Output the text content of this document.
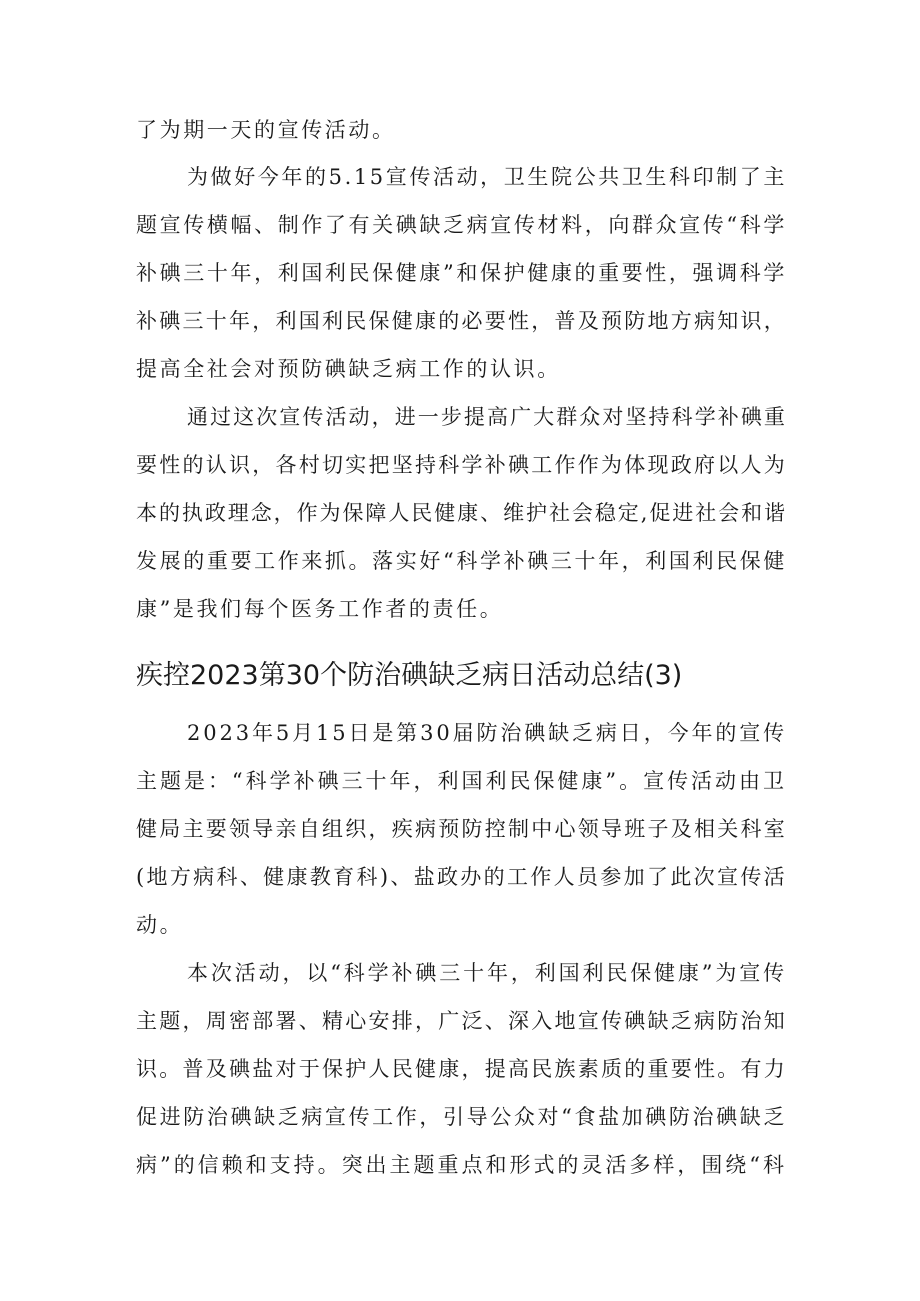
了为期一天的宣传活动。
为做好今年的5.15宣传活动，卫生院公共卫生科印制了主
题宣传横幅、制作了有关碘缺乏病宣传材料，向群众宣传“科学
补碘三十年，利国利民保健康”和保护健康的重要性，强调科学
补碘三十年，利国利民保健康的必要性，普及预防地方病知识，
提高全社会对预防碘缺乏病工作的认识。
通过这次宣传活动，进一步提高广大群众对坚持科学补碘重
要性的认识，各村切实把坚持科学补碘工作作为体现政府以人为
本的执政理念，作为保障人民健康、维护社会稳定,促进社会和谐
发展的重要工作来抓。落实好“科学补碘三十年，利国利民保健
康”是我们每个医务工作者的责任。
疾控2023第30个防治碘缺乏病日活动总结(3)
2023年5月15日是第30届防治碘缺乏病日，今年的宣传
主题是：“科学补碘三十年，利国利民保健康”。宣传活动由卫
健局主要领导亲自组织，疾病预防控制中心领导班子及相关科室
(地方病科、健康教育科)、盐政办的工作人员参加了此次宣传活
动。
本次活动，以“科学补碘三十年，利国利民保健康”为宣传
主题，周密部署、精心安排，广泛、深入地宣传碘缺乏病防治知
识。普及碘盐对于保护人民健康，提高民族素质的重要性。有力
促进防治碘缺乏病宣传工作，引导公众对“食盐加碘防治碘缺乏
病”的信赖和支持。突出主题重点和形式的灵活多样，围绕“科
